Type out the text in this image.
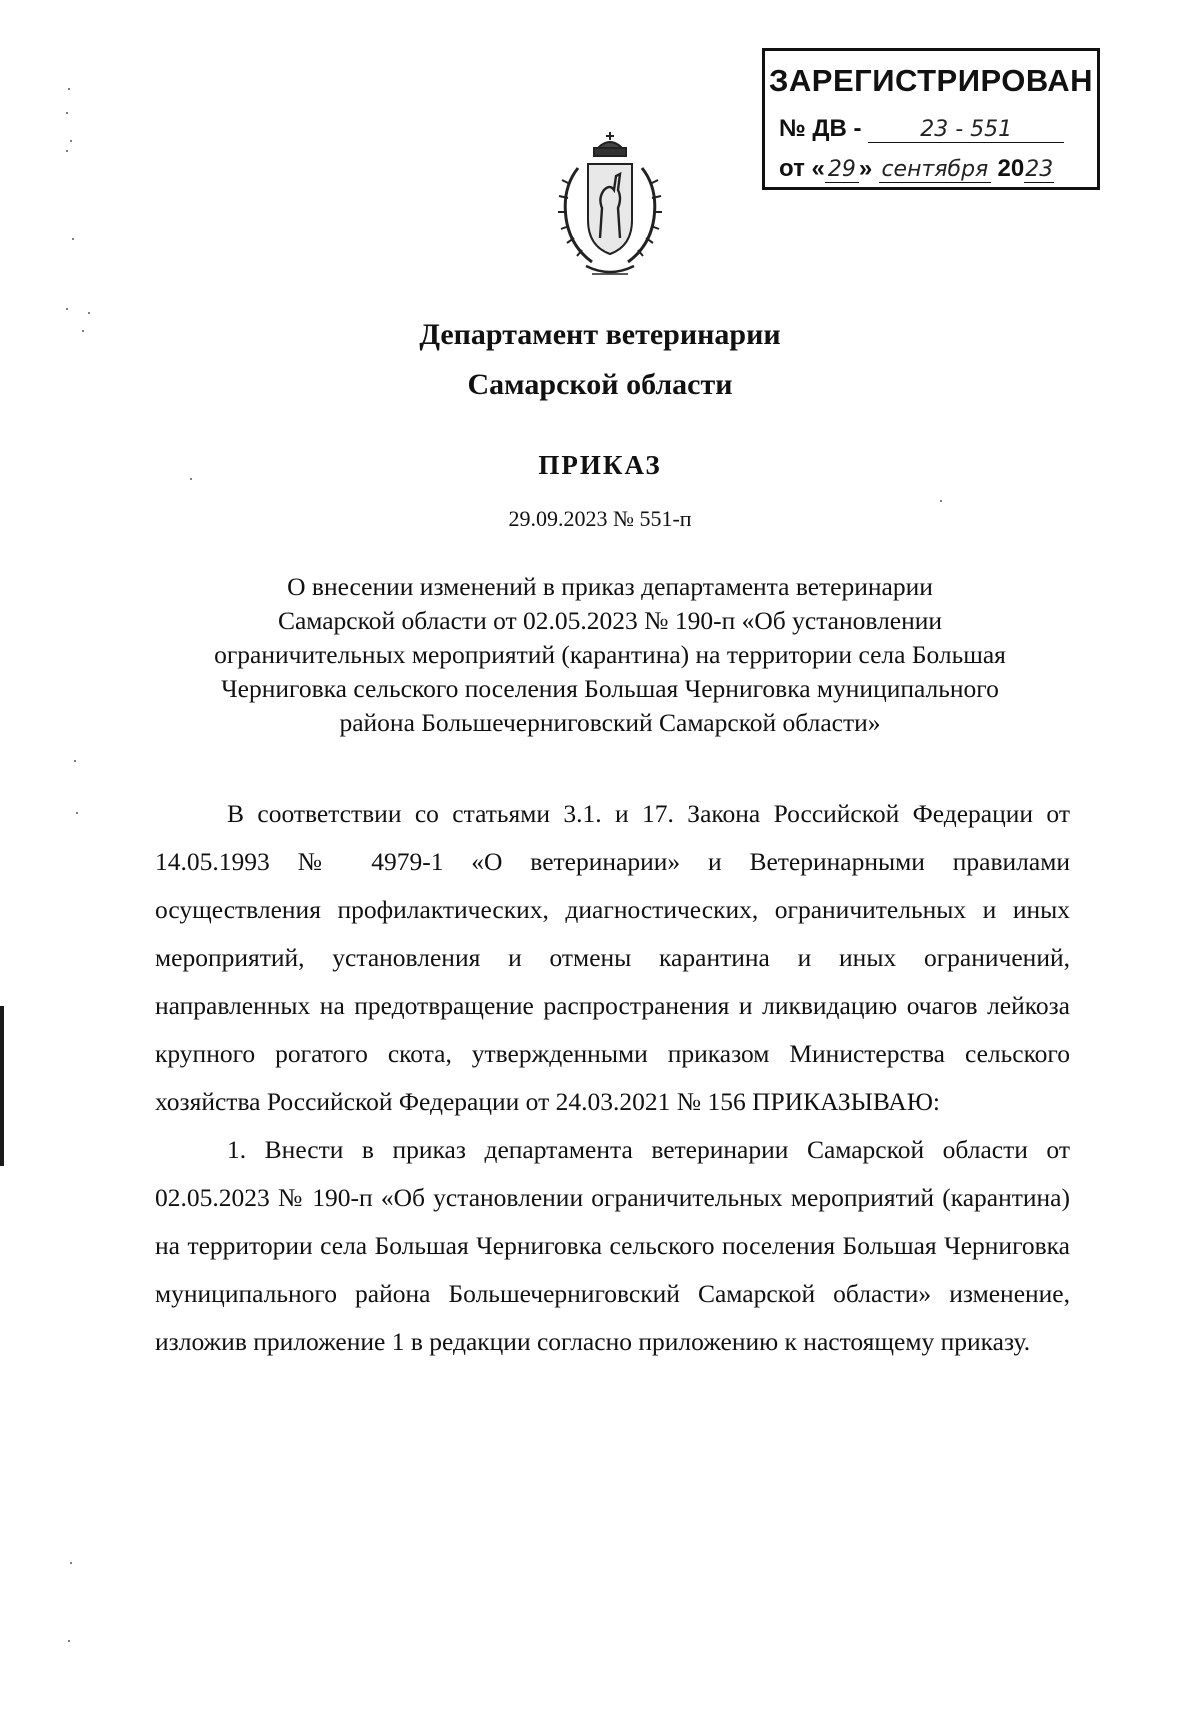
ЗАРЕГИСТРИРОВАН
№ ДВ -	23 - 551
от « 29 » сентября 2023
Департамент ветеринарии
Самарской области
ПРИКАЗ
29.09.2023 № 551-п
О внесении изменений в приказ департамента ветеринарии
Самарской области от 02.05.2023 № 190-п «Об установлении
ограничительных мероприятий (карантина) на территории села Большая
Черниговка сельского поселения Большая Черниговка муниципального
района Большечерниговский Самарской области»

В соответствии со статьями 3.1. и 17. Закона Российской Федерации от 14.05.1993 № 4979-1 «О ветеринарии» и Ветеринарными правилами осуществления профилактических, диагностических, ограничительных и иных мероприятий, установления и отмены карантина и иных ограничений, направленных на предотвращение распространения и ликвидацию очагов лейкоза крупного рогатого скота, утвержденными приказом Министерства сельского хозяйства Российской Федерации от 24.03.2021 № 156 ПРИКАЗЫВАЮ:

1. Внести в приказ департамента ветеринарии Самарской области от 02.05.2023 № 190-п «Об установлении ограничительных мероприятий (карантина) на территории села Большая Черниговка сельского поселения Большая Черниговка муниципального района Большечерниговский Самарской области» изменение, изложив приложение 1 в редакции согласно приложению к настоящему приказу.
